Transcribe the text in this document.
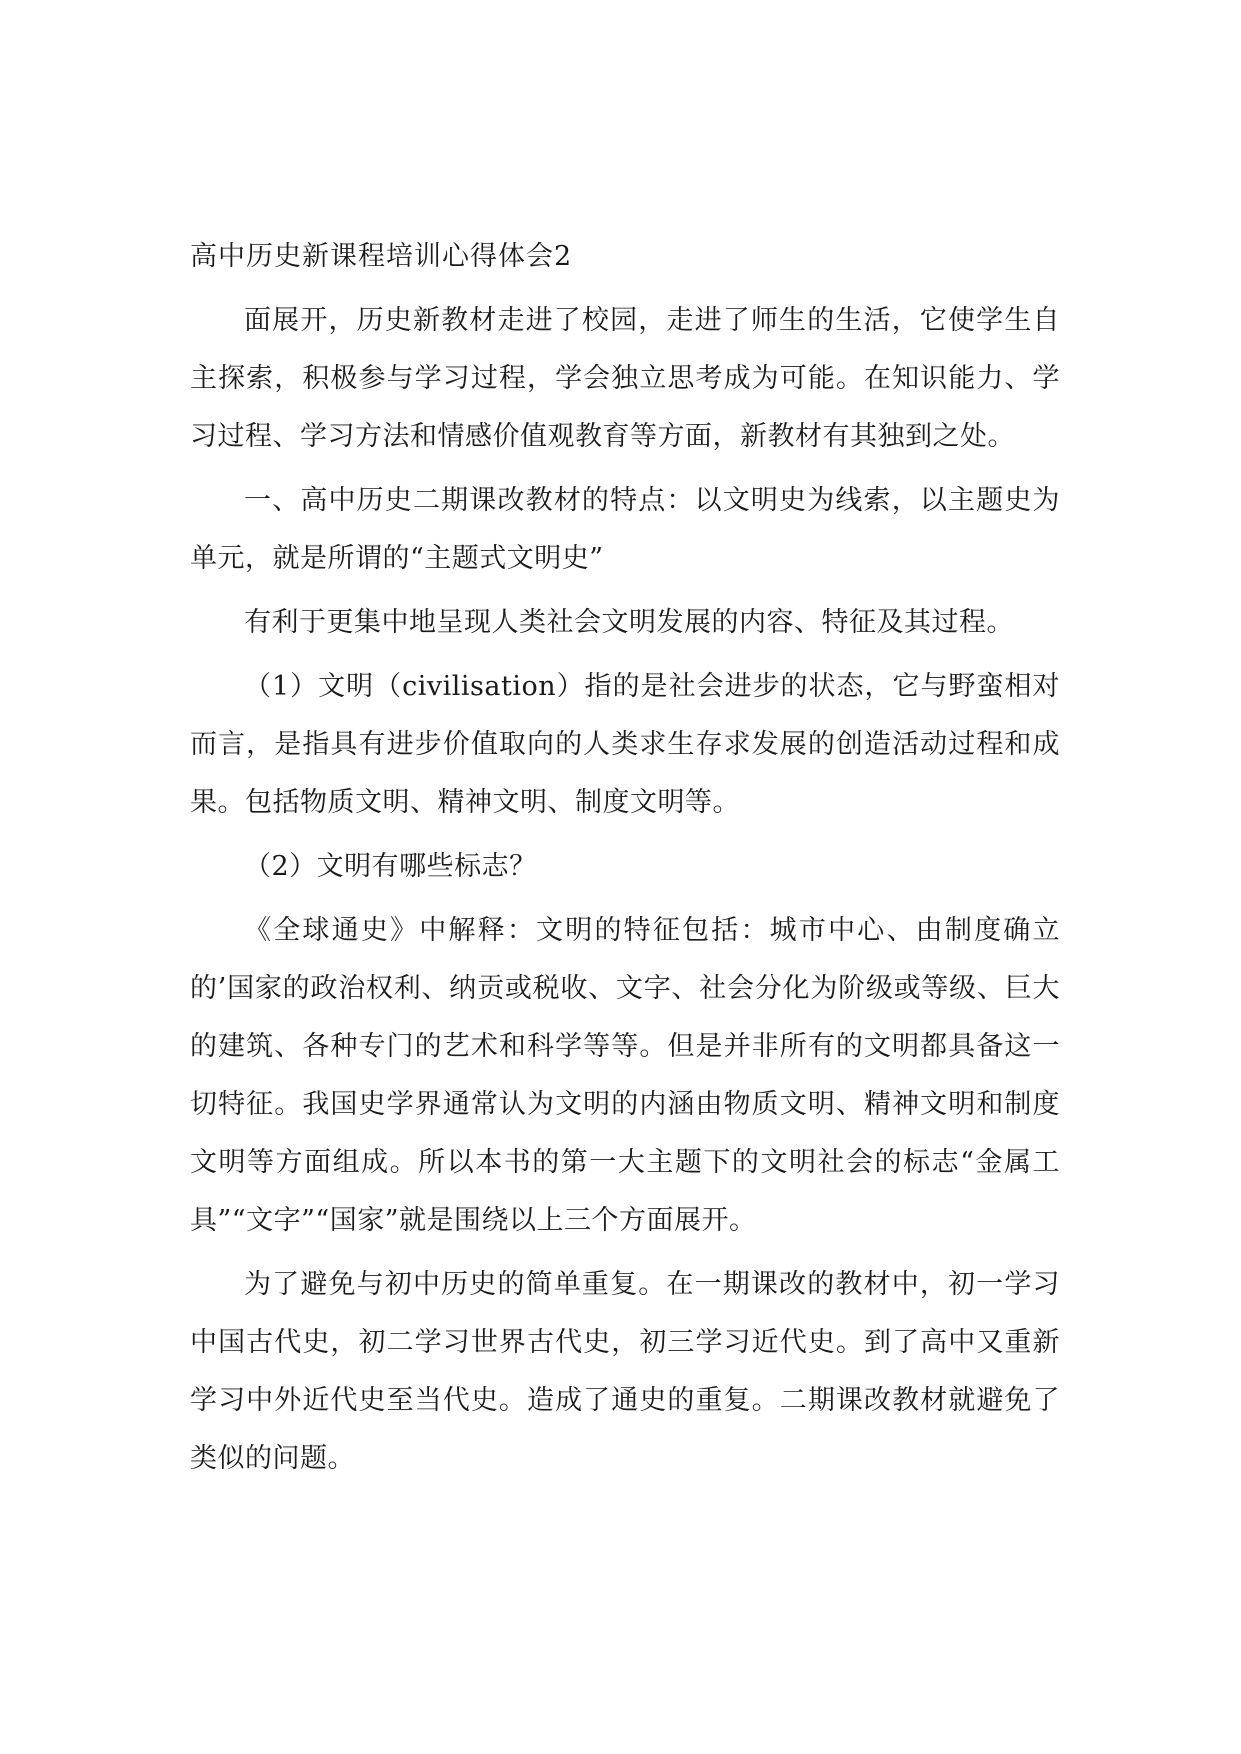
高中历史新课程培训心得体会2

面展开，历史新教材走进了校园，走进了师生的生活，它使学生自主探索，积极参与学习过程，学会独立思考成为可能。在知识能力、学习过程、学习方法和情感价值观教育等方面，新教材有其独到之处。

一、高中历史二期课改教材的特点：以文明史为线索，以主题史为单元，就是所谓的“主题式文明史”

有利于更集中地呈现人类社会文明发展的内容、特征及其过程。

（1）文明（civilisation）指的是社会进步的状态，它与野蛮相对而言，是指具有进步价值取向的人类求生存求发展的创造活动过程和成果。包括物质文明、精神文明、制度文明等。

（2）文明有哪些标志？

《全球通史》中解释：文明的特征包括：城市中心、由制度确立的’国家的政治权利、纳贡或税收、文字、社会分化为阶级或等级、巨大的建筑、各种专门的艺术和科学等等。但是并非所有的文明都具备这一切特征。我国史学界通常认为文明的内涵由物质文明、精神文明和制度文明等方面组成。所以本书的第一大主题下的文明社会的标志“金属工具”“文字”“国家”就是围绕以上三个方面展开。

为了避免与初中历史的简单重复。在一期课改的教材中，初一学习中国古代史，初二学习世界古代史，初三学习近代史。到了高中又重新学习中外近代史至当代史。造成了通史的重复。二期课改教材就避免了类似的问题。
